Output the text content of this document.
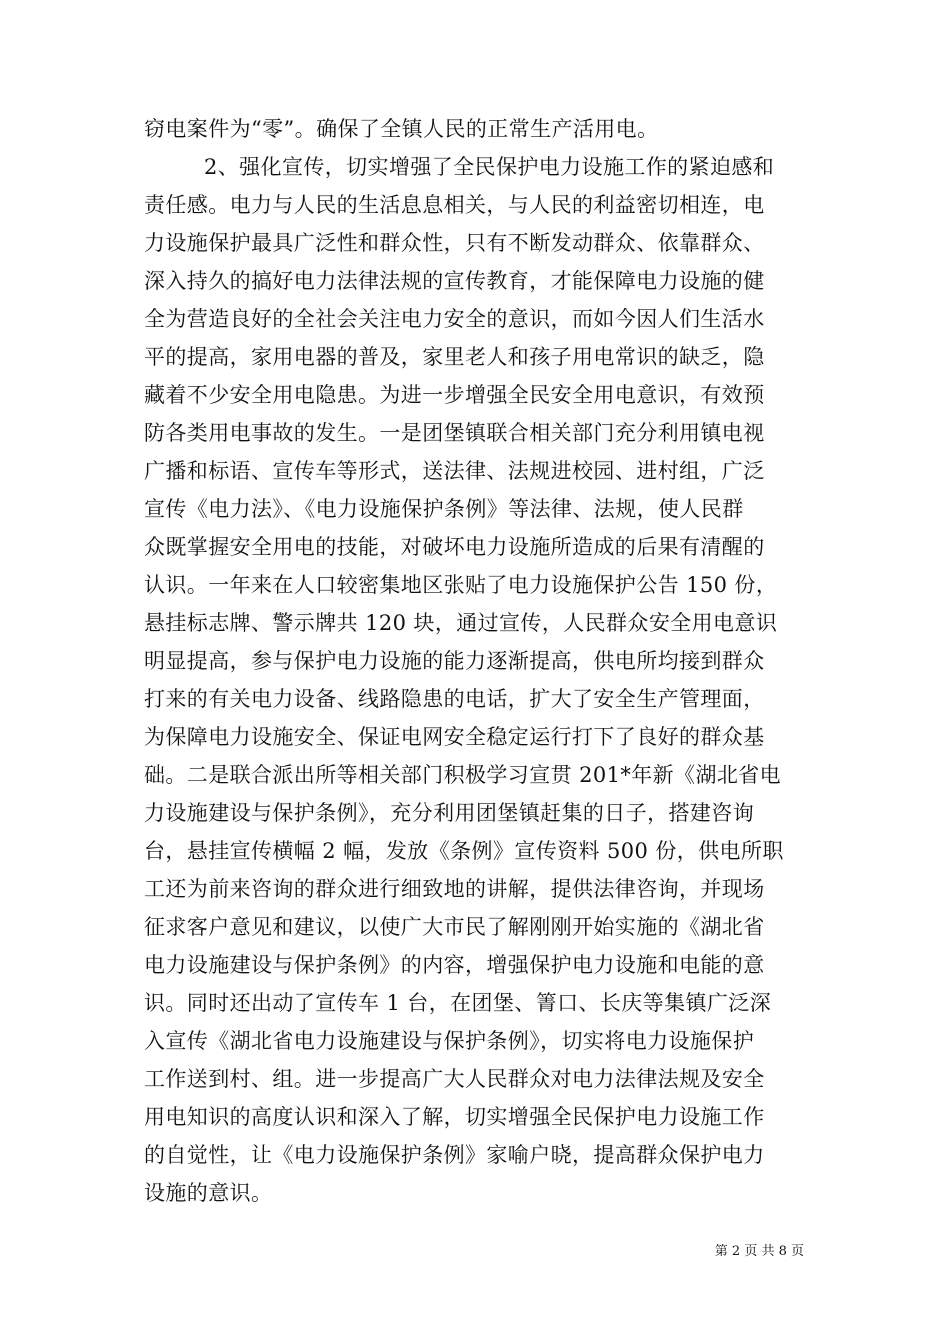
窃电案件为“零”。确保了全镇人民的正常生产活用电。
2、强化宣传，切实增强了全民保护电力设施工作的紧迫感和
责任感。电力与人民的生活息息相关，与人民的利益密切相连，电
力设施保护最具广泛性和群众性，只有不断发动群众、依靠群众、
深入持久的搞好电力法律法规的宣传教育，才能保障电力设施的健
全为营造良好的全社会关注电力安全的意识，而如今因人们生活水
平的提高，家用电器的普及，家里老人和孩子用电常识的缺乏，隐
藏着不少安全用电隐患。为进一步增强全民安全用电意识，有效预
防各类用电事故的发生。一是团堡镇联合相关部门充分利用镇电视
广播和标语、宣传车等形式，送法律、法规进校园、进村组，广泛
宣传《电力法》、《电力设施保护条例》等法律、法规，使人民群
众既掌握安全用电的技能，对破坏电力设施所造成的后果有清醒的
认识。一年来在人口较密集地区张贴了电力设施保护公告 150 份，
悬挂标志牌、警示牌共 120 块，通过宣传，人民群众安全用电意识
明显提高，参与保护电力设施的能力逐渐提高，供电所均接到群众
打来的有关电力设备、线路隐患的电话，扩大了安全生产管理面，
为保障电力设施安全、保证电网安全稳定运行打下了良好的群众基
础。二是联合派出所等相关部门积极学习宣贯 201*年新《湖北省电
力设施建设与保护条例》，充分利用团堡镇赶集的日子，搭建咨询
台，悬挂宣传横幅 2 幅，发放《条例》宣传资料 500 份，供电所职
工还为前来咨询的群众进行细致地的讲解，提供法律咨询，并现场
征求客户意见和建议，以使广大市民了解刚刚开始实施的《湖北省
电力设施建设与保护条例》的内容，增强保护电力设施和电能的意
识。同时还出动了宣传车 1 台，在团堡、箐口、长庆等集镇广泛深
入宣传《湖北省电力设施建设与保护条例》，切实将电力设施保护
工作送到村、组。进一步提高广大人民群众对电力法律法规及安全
用电知识的高度认识和深入了解，切实增强全民保护电力设施工作
的自觉性，让《电力设施保护条例》家喻户晓，提高群众保护电力
设施的意识。
第 2 页 共 8 页
